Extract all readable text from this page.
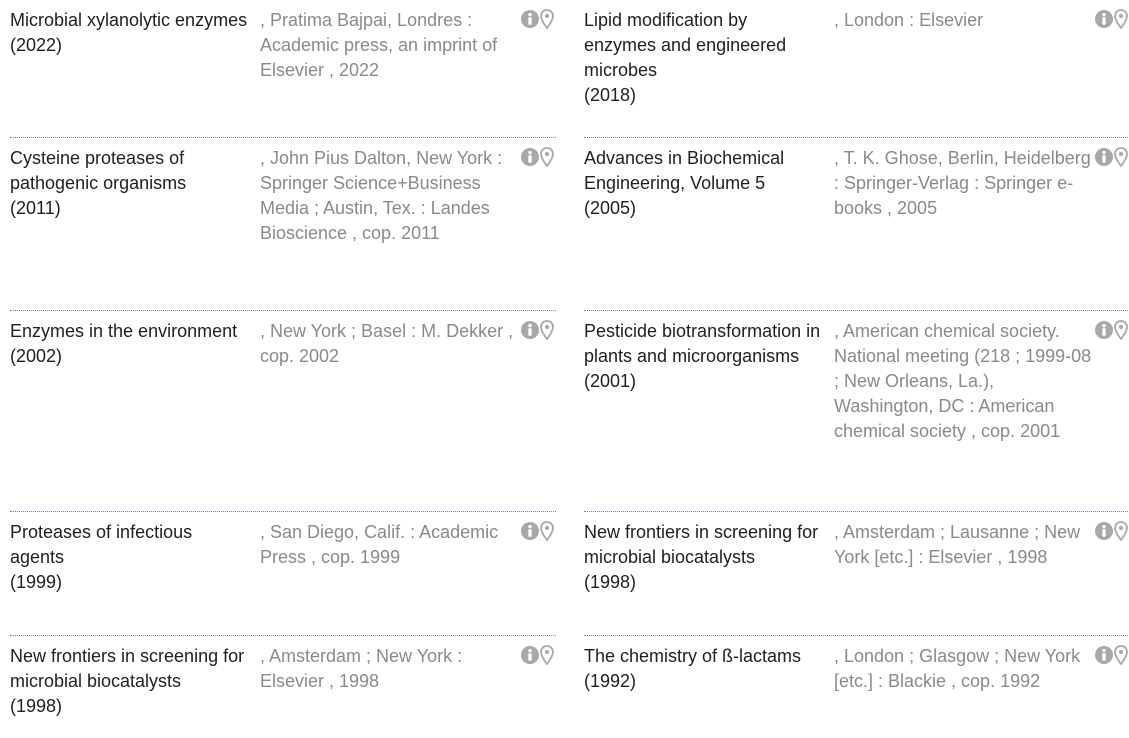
Microbial xylanolytic enzymes
(2022)
, Pratima Bajpai, Londres : Academic press, an imprint of Elsevier , 2022
Cysteine proteases of pathogenic organisms
(2011)
, John Pius Dalton, New York : Springer Science+Business Media ; Austin, Tex. : Landes Bioscience , cop. 2011
Enzymes in the environment
(2002)
, New York ; Basel : M. Dekker , cop. 2002
Proteases of infectious agents
(1999)
, San Diego, Calif. : Academic Press , cop. 1999
New frontiers in screening for microbial biocatalysts
(1998)
, Amsterdam ; New York : Elsevier , 1998
Lipid modification by enzymes and engineered microbes
(2018)
, London : Elsevier
Advances in Biochemical Engineering, Volume 5
(2005)
, T. K. Ghose, Berlin, Heidelberg : Springer-Verlag : Springer e-books , 2005
Pesticide biotransformation in plants and microorganisms
(2001)
, American chemical society. National meeting (218 ; 1999-08 ; New Orleans, La.), Washington, DC : American chemical society , cop. 2001
New frontiers in screening for microbial biocatalysts
(1998)
, Amsterdam ; Lausanne ; New York [etc.] : Elsevier , 1998
The chemistry of ß-lactams
(1992)
, London ; Glasgow ; New York [etc.] : Blackie , cop. 1992
